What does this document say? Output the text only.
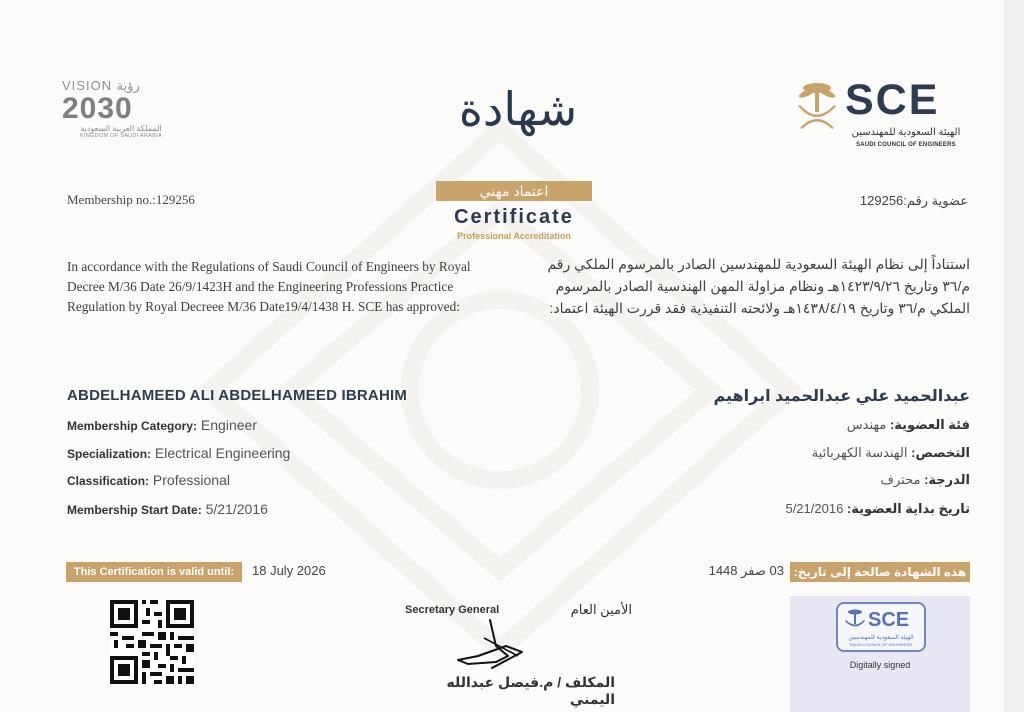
VISION رؤية
2030
المملكة العربية السعودية
KINGDOM OF SAUDI ARABIA	شهادة
اعتماد مهني
Certificate
Professional Accreditation
SCE
الهيئة السعودية للمهندسين
SAUDI COUNCIL OF ENGINEERS
Membership no.:129256	عضوية رقم:129256
In accordance with the Regulations of Saudi Council of Engineers by Royal Decree M/36 Date 26/9/1423H and the Engineering Professions Practice Regulation by Royal Decreee M/36 Date19/4/1438 H. SCE has approved:
استناداً إلى نظام الهيئة السعودية للمهندسين الصادر بالمرسوم الملكي رقم م/٣٦ وتاريخ ١٤٢٣/٩/٢٦هـ ونظام مزاولة المهن الهندسية الصادر بالمرسوم الملكي م/٣٦ وتاريخ ١٤٣٨/٤/١٩هـ ولائحته التنفيذية فقد قررت الهيئة اعتماد:
ABDELHAMEED ALI ABDELHAMEED IBRAHIM	عبدالحميد علي عبدالحميد ابراهيم
Membership Category: Engineer
Specialization: Electrical Engineering
Classification: Professional
Membership Start Date: 5/21/2016
فئة العضوية: مهندس
التخصص: الهندسة الكهربائية
الدرجة: محترف
تاريخ بداية العضوية: 5/21/2016
This Certification is valid until:	18 July 2026	03 صفر 1448 هذه الشهادة صالحة إلى تاريخ:
Secretary General	الأمين العام
المكلف / م.فيصل عبدالله اليمني
SCE
الهيئة السعودية للمهندسين
SAUDI COUNCIL OF ENGINEERS
Digitally signed
